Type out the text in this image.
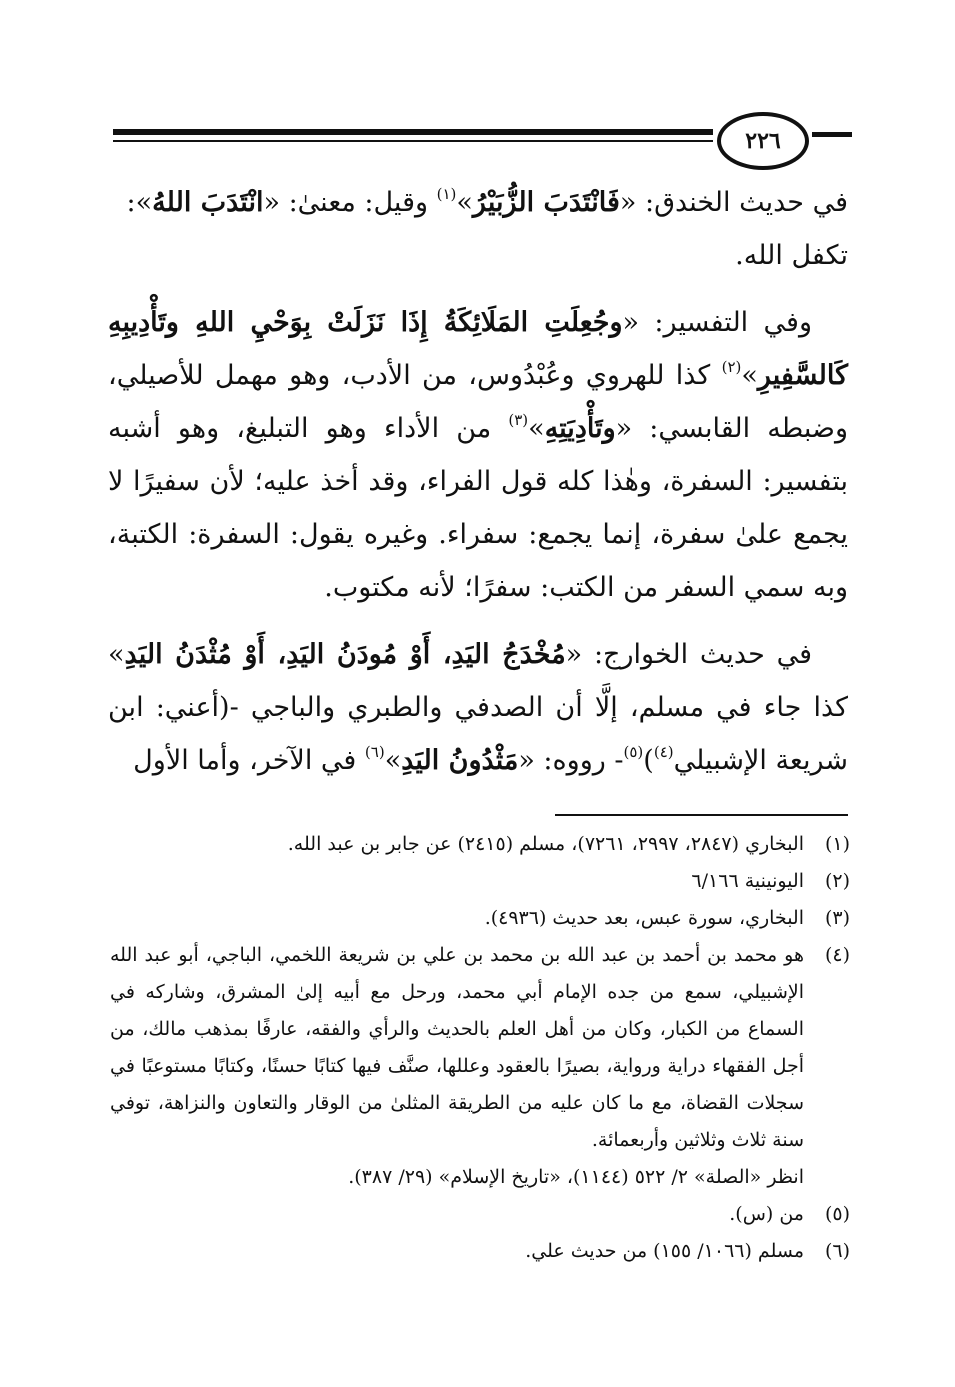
٢٢٦

في حديث الخندق: «فَانْتَدَبَ الزُّبَيْرُ»$^{(١)}$ وقيل: معنىٰ: «انْتَدَبَ اللهُ»:
تكفل الله.

وفي التفسير: «وجُعِلَتِ المَلَائِكَةُ إِذَا نَزَلَتْ بِوَحْيِ اللهِ وتَأْدِيبِهِ كَالسَّفِيرِ»$^{(٢)}$ كذا للهروي وعُبْدُوس، من الأدب، وهو مهمل للأصيلي، وضبطه القابسي: «وتَأْدِيَتِهِ»$^{(٣)}$ من الأداء وهو التبليغ، وهو أشبه بتفسير: السفرة، وهٰذا كله قول الفراء، وقد أخذ عليه؛ لأن سفيرًا لا يجمع علىٰ سفرة، إنما يجمع: سفراء. وغيره يقول: السفرة: الكتبة، وبه سمي السفر من الكتب: سفرًا؛ لأنه مكتوب.

في حديث الخوارج: «مُخْدَجُ اليَدِ، أَوْ مُودَنُ اليَدِ، أَوْ مُثْدَنُ اليَدِ» كذا جاء في مسلم، إلَّا أن الصدفي والطبري والباجي -(أعني: ابن شريعة الإشبيلي$^{(٤)}$)$^{(٥)}$- رووه: «مَثْدُونُ اليَدِ»$^{(٦)}$ في الآخر، وأما الأول

(١)
البخاري (٢٨٤٧، ٢٩٩٧، ٧٢٦١)، مسلم (٢٤١٥) عن جابر بن عبد الله.
(٢)
اليونينية ٦/١٦٦
(٣)
البخاري، سورة عبس، بعد حديث (٤٩٣٦).
(٤)
هو محمد بن أحمد بن عبد الله بن محمد بن علي بن شريعة اللخمي، الباجي، أبو عبد الله الإشبيلي، سمع من جده الإمام أبي محمد، ورحل مع أبيه إلىٰ المشرق، وشاركه في السماع من الكبار، وكان من أهل العلم بالحديث والرأي والفقه، عارفًا بمذهب مالك، من أجل الفقهاء دراية ورواية، بصيرًا بالعقود وعللها، صنَّف فيها كتابًا حسنًا، وكتابًا مستوعبًا في سجلات القضاة، مع ما كان عليه من الطريقة المثلىٰ من الوقار والتعاون والنزاهة، توفي سنة ثلاث وثلاثين وأربعمائة.
انظر «الصلة» ٢/ ٥٢٢ (١١٤٤)، «تاريخ الإسلام» (٢٩/ ٣٨٧).
(٥)
من (س).
(٦)
مسلم (١٠٦٦/ ١٥٥) من حديث علي.
